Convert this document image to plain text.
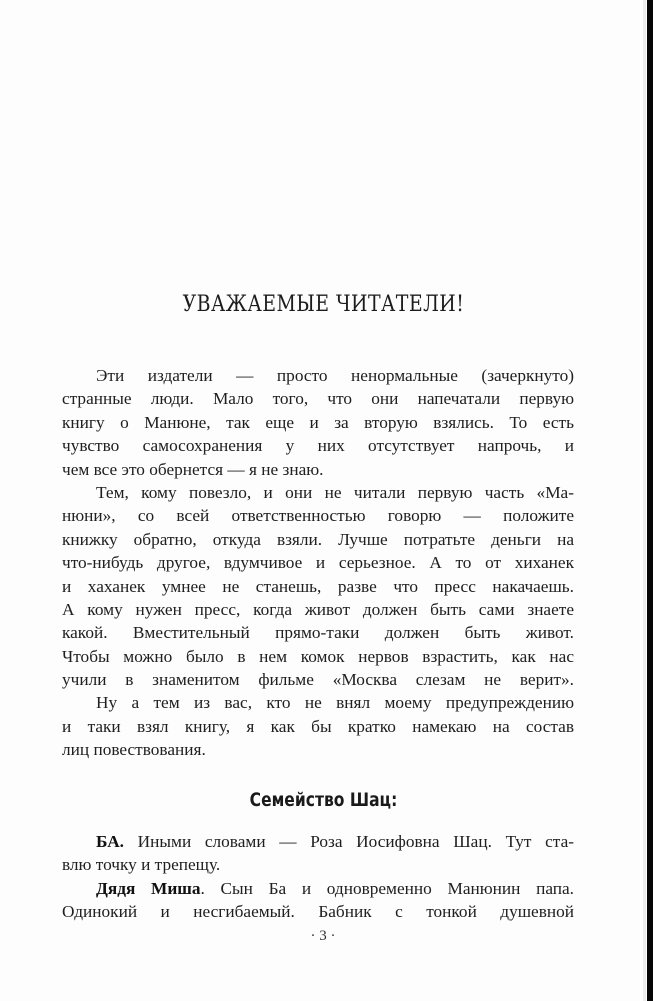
УВАЖАЕМЫЕ ЧИТАТЕЛИ!
Эти издатели — просто ненормальные (зачеркнуто)
странные люди. Мало того, что они напечатали первую
книгу о Манюне, так еще и за вторую взялись. То есть
чувство самосохранения у них отсутствует напрочь, и
чем все это обернется — я не знаю.
Тем, кому повезло, и они не читали первую часть «Ма-
нюни», со всей ответственностью говорю — положите
книжку обратно, откуда взяли. Лучше потратьте деньги на
что-нибудь другое, вдумчивое и серьезное. А то от хиханек
и хаханек умнее не станешь, разве что пресс накачаешь.
А кому нужен пресс, когда живот должен быть сами знаете
какой. Вместительный прямо-таки должен быть живот.
Чтобы можно было в нем комок нервов взрастить, как нас
учили в знаменитом фильме «Москва слезам не верит».
Ну а тем из вас, кто не внял моему предупреждению
и таки взял книгу, я как бы кратко намекаю на состав
лиц повествования.
Семейство Шац:
БА. Иными словами — Роза Иосифовна Шац. Тут ста-
влю точку и трепещу.
Дядя Миша. Сын Ба и одновременно Манюнин папа.
Одинокий и несгибаемый. Бабник с тонкой душевной
· 3 ·
